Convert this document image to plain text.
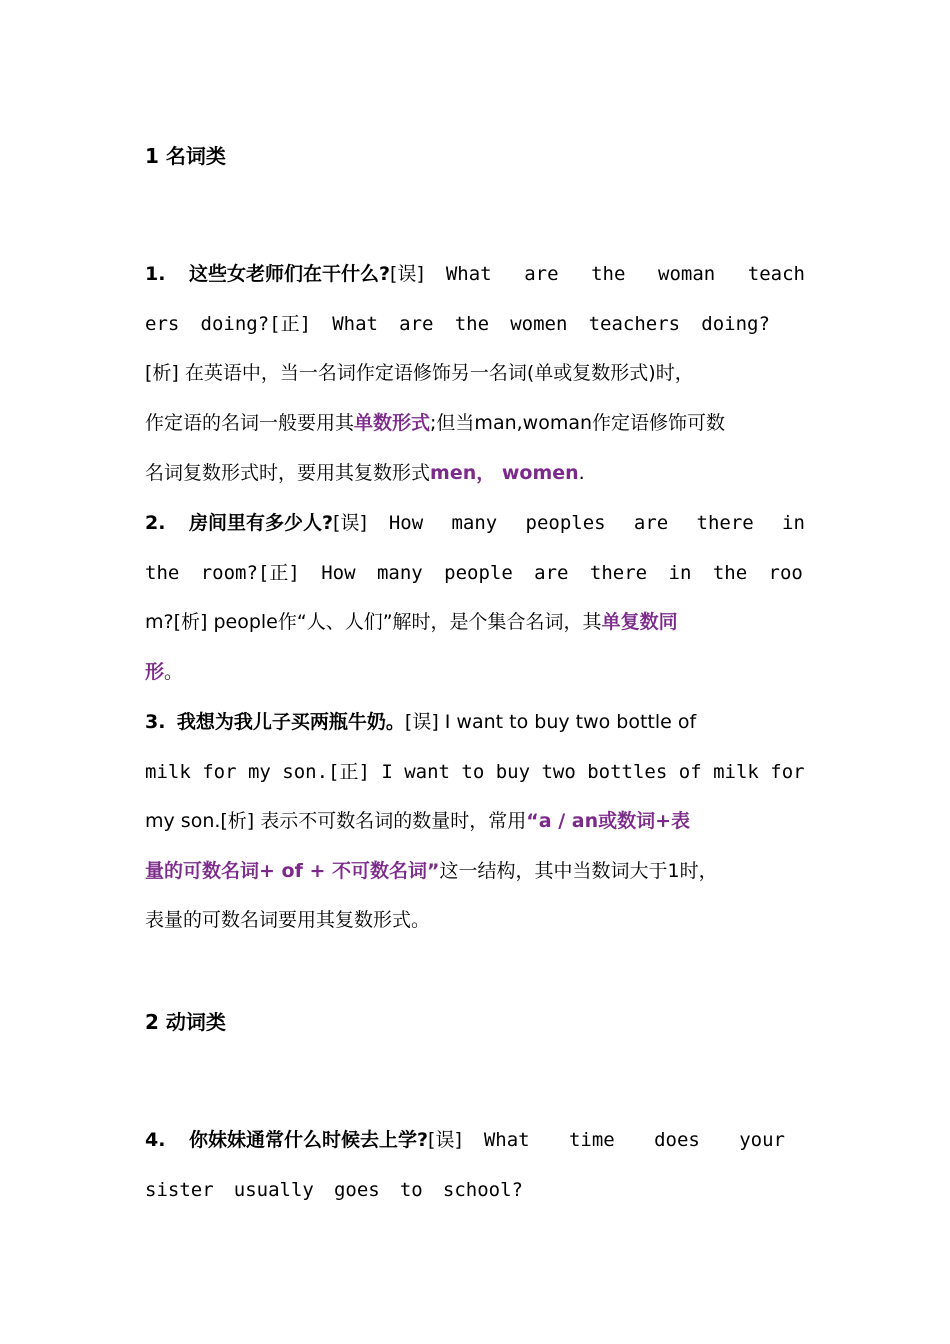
1 名词类
1.	这些女老师们在干什么? [误] What are the woman teach
ers doing?[正] What are the women teachers doing?
[析] 在英语中，当一名词作定语修饰另一名词(单或复数形式)时，
作定语的名词一般要用其单数形式;但当man,woman作定语修饰可数
名词复数形式时，要用其复数形式men， women.
2.	房间里有多少人? [误] How many peoples are there in
the room?[正] How many people are there in the roo
m?[析] people作“人、人们”解时，是个集合名词，其单复数同
形。
3. 我想为我儿子买两瓶牛奶。[误] I want to buy two bottle of
milk for my son.[正] I want to buy two bottles of milk for
my son.[析] 表示不可数名词的数量时，常用“a / an或数词+表
量的可数名词+ of + 不可数名词”这一结构，其中当数词大于1时，
表量的可数名词要用其复数形式。
2 动词类
4.	你妹妹通常什么时候去上学? [误] What time does your
sister usually goes to school?
